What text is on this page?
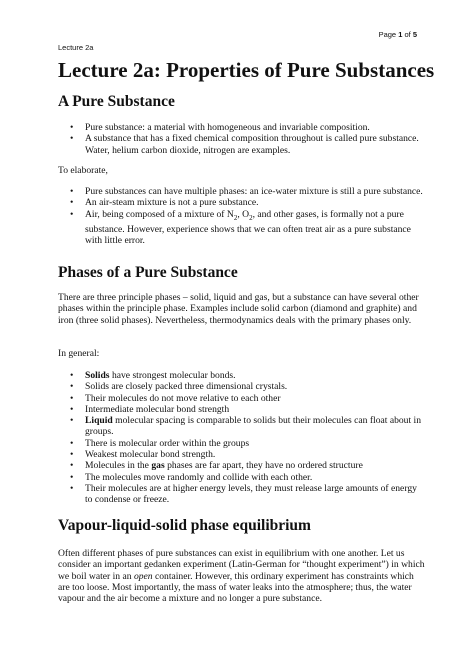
Page 1 of 5
Lecture 2a
Lecture 2a: Properties of Pure Substances
A Pure Substance
• Pure substance: a material with homogeneous and invariable composition.
• A substance that has a fixed chemical composition throughout is called pure substance. Water, helium carbon dioxide, nitrogen are examples.
To elaborate,
• Pure substances can have multiple phases: an ice-water mixture is still a pure substance.
• An air-steam mixture is not a pure substance.
• Air, being composed of a mixture of $N_2$, $O_2$, and other gases, is formally not a pure substance. However, experience shows that we can often treat air as a pure substance with little error.
Phases of a Pure Substance
There are three principle phases – solid, liquid and gas, but a substance can have several other phases within the principle phase. Examples include solid carbon (diamond and graphite) and iron (three solid phases). Nevertheless, thermodynamics deals with the primary phases only.
In general:
• Solids have strongest molecular bonds.
• Solids are closely packed three dimensional crystals.
• Their molecules do not move relative to each other
• Intermediate molecular bond strength
• Liquid molecular spacing is comparable to solids but their molecules can float about in groups.
• There is molecular order within the groups
• Weakest molecular bond strength.
• Molecules in the gas phases are far apart, they have no ordered structure
• The molecules move randomly and collide with each other.
• Their molecules are at higher energy levels, they must release large amounts of energy to condense or freeze.
Vapour-liquid-solid phase equilibrium
Often different phases of pure substances can exist in equilibrium with one another. Let us consider an important gedanken experiment (Latin-German for “thought experiment”) in which we boil water in an open container. However, this ordinary experiment has constraints which are too loose. Most importantly, the mass of water leaks into the atmosphere; thus, the water vapour and the air become a mixture and no longer a pure substance.
